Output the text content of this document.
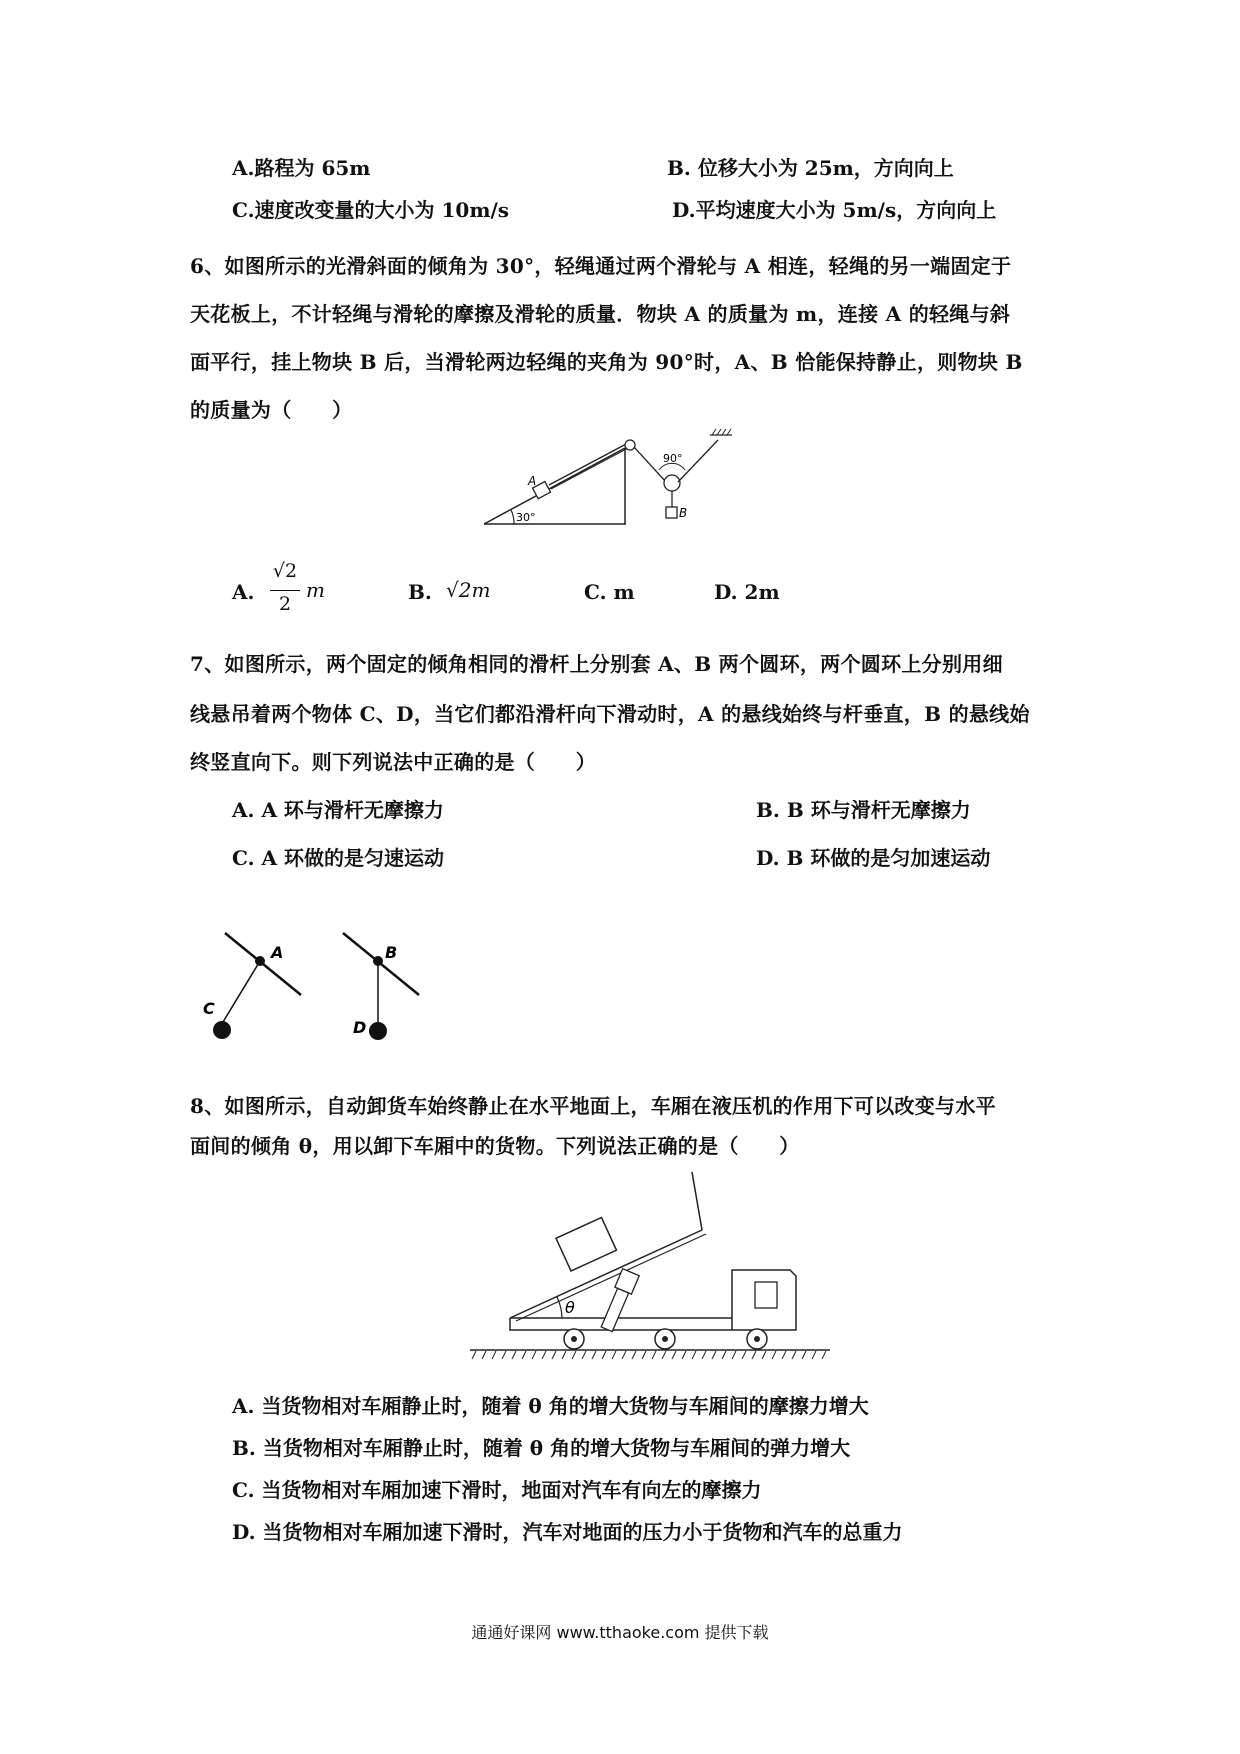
A.路程为 65m	B. 位移大小为 25m，方向向上
C.速度改变量的大小为 10m/s	D.平均速度大小为 5m/s，方向向上
6、如图所示的光滑斜面的倾角为 30°，轻绳通过两个滑轮与 A 相连，轻绳的另一端固定于
天花板上，不计轻绳与滑轮的摩擦及滑轮的质量．物块 A 的质量为 m，连接 A 的轻绳与斜
面平行，挂上物块 B 后，当滑轮两边轻绳的夹角为 90°时，A、B 恰能保持静止，则物块 B
的质量为（　　）
30°
A
90°
B
A.
√2
2
m	B. √2m	C. m	D. 2m
7、如图所示，两个固定的倾角相同的滑杆上分别套 A、B 两个圆环，两个圆环上分别用细
线悬吊着两个物体 C、D，当它们都沿滑杆向下滑动时，A 的悬线始终与杆垂直，B 的悬线始
终竖直向下。则下列说法中正确的是（　　）
A. A 环与滑杆无摩擦力	B. B 环与滑杆无摩擦力
C. A 环做的是匀速运动	D. B 环做的是匀加速运动
A
C
B
D
8、如图所示，自动卸货车始终静止在水平地面上，车厢在液压机的作用下可以改变与水平
面间的倾角 θ，用以卸下车厢中的货物。下列说法正确的是（　　）
θ
A. 当货物相对车厢静止时，随着 θ 角的增大货物与车厢间的摩擦力增大
B. 当货物相对车厢静止时，随着 θ 角的增大货物与车厢间的弹力增大
C. 当货物相对车厢加速下滑时，地面对汽车有向左的摩擦力
D. 当货物相对车厢加速下滑时，汽车对地面的压力小于货物和汽车的总重力
通通好课网 www.tthaoke.com 提供下载
